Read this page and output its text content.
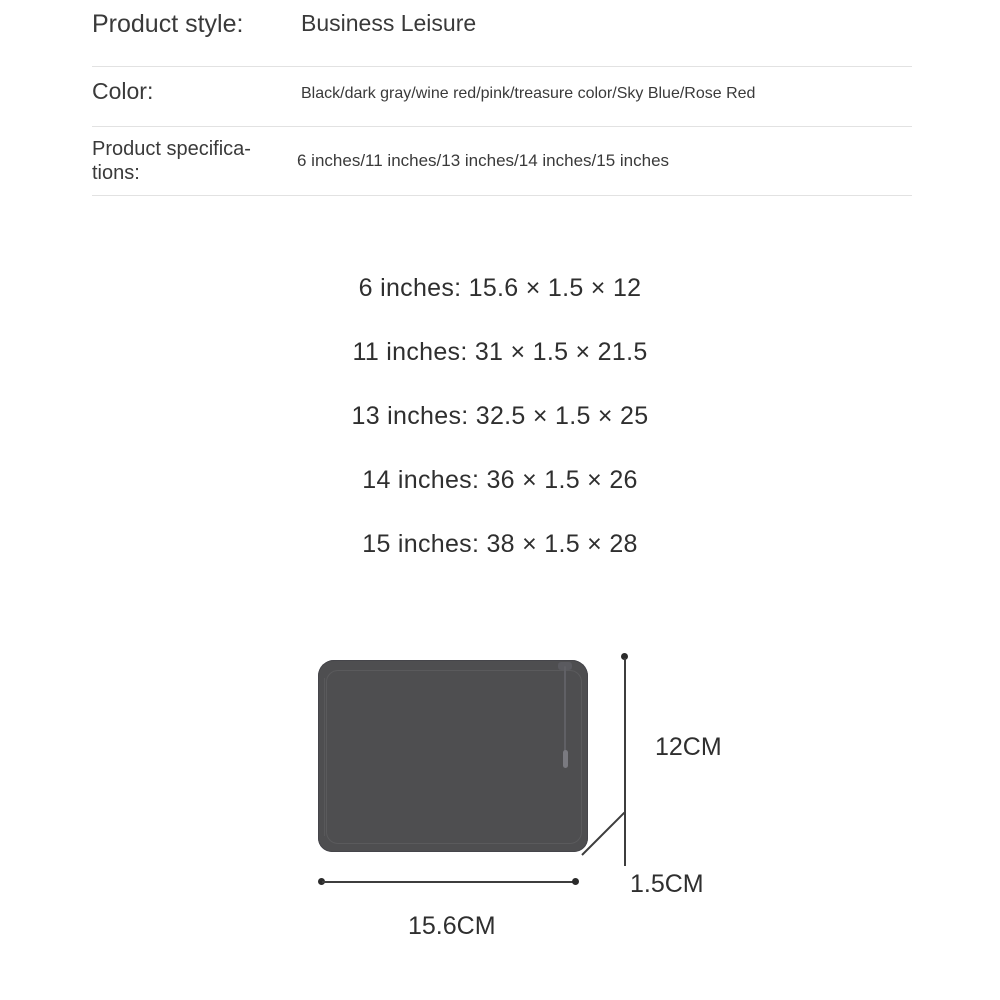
Product style:	Business Leisure
Color:	Black/dark gray/wine red/pink/treasure color/Sky Blue/Rose Red
Product specifica-tions:
6 inches/11 inches/13 inches/14 inches/15 inches
6 inches: 15.6 × 1.5 × 12
11 inches: 31 × 1.5 × 21.5
13 inches: 32.5 × 1.5 × 25
14 inches: 36 × 1.5 × 26
15 inches: 38 × 1.5 × 28
12CM
1.5CM
15.6CM
